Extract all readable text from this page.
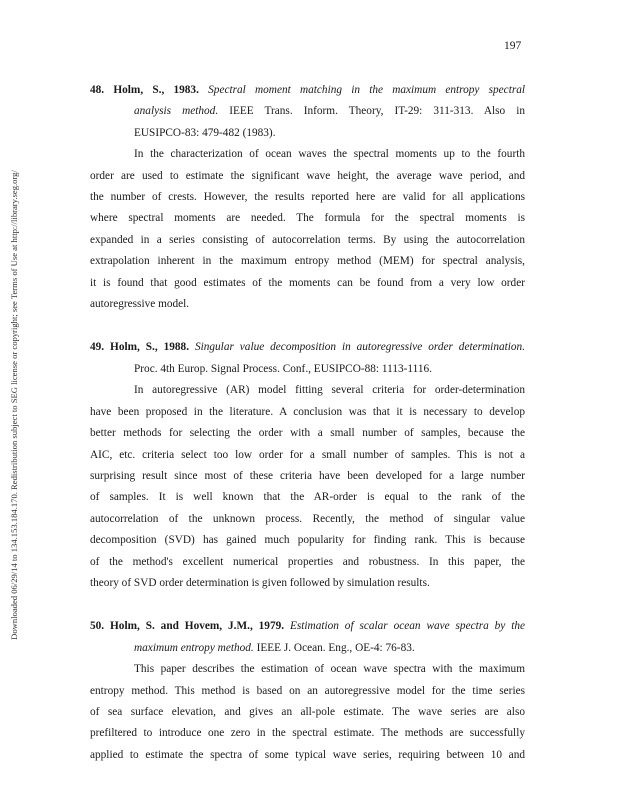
Downloaded 06/29/14 to 134.153.184.170. Redistribution subject to SEG license or copyright; see Terms of Use at http://library.seg.org/
197

48. Holm, S., 1983. Spectral moment matching in the maximum entropy spectral
analysis method. IEEE Trans. Inform. Theory, IT-29: 311-313. Also in
EUSIPCO-83: 479-482 (1983).

In the characterization of ocean waves the spectral moments up to the fourth
order are used to estimate the significant wave height, the average wave period, and
the number of crests. However, the results reported here are valid for all applications
where spectral moments are needed. The formula for the spectral moments is
expanded in a series consisting of autocorrelation terms. By using the autocorrelation
extrapolation inherent in the maximum entropy method (MEM) for spectral analysis,
it is found that good estimates of the moments can be found from a very low order
autoregressive model.

49. Holm, S., 1988. Singular value decomposition in autoregressive order determination.
Proc. 4th Europ. Signal Process. Conf., EUSIPCO-88: 1113-1116.

In autoregressive (AR) model fitting several criteria for order-determination
have been proposed in the literature. A conclusion was that it is necessary to develop
better methods for selecting the order with a small number of samples, because the
AIC, etc. criteria select too low order for a small number of samples. This is not a
surprising result since most of these criteria have been developed for a large number
of samples. It is well known that the AR-order is equal to the rank of the
autocorrelation of the unknown process. Recently, the method of singular value
decomposition (SVD) has gained much popularity for finding rank. This is because
of the method's excellent numerical properties and robustness. In this paper, the
theory of SVD order determination is given followed by simulation results.

50. Holm, S. and Hovem, J.M., 1979. Estimation of scalar ocean wave spectra by the
maximum entropy method. IEEE J. Ocean. Eng., OE-4: 76-83.

This paper describes the estimation of ocean wave spectra with the maximum
entropy method. This method is based on an autoregressive model for the time series
of sea surface elevation, and gives an all-pole estimate. The wave series are also
prefiltered to introduce one zero in the spectral estimate. The methods are successfully
applied to estimate the spectra of some typical wave series, requiring between 10 and
